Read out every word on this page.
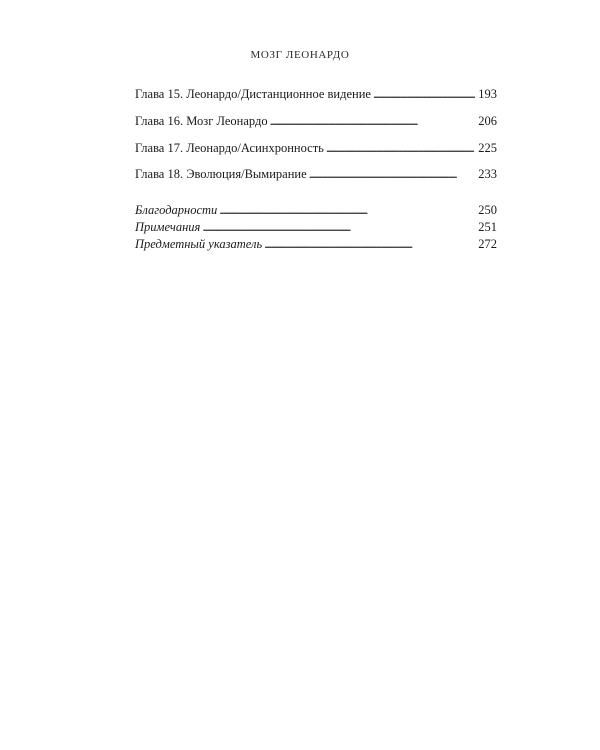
МОЗГ ЛЕОНАРДО
Глава 15. Леонардо/Дистанционное видение . . .	193
Глава 16. Мозг Леонардо . . .	206
Глава 17. Леонардо/Асинхронность . . .	225
Глава 18. Эволюция/Вымирание . . .	233
Благодарности . . .	250
Примечания . . .	251
Предметный указатель . . .	272
